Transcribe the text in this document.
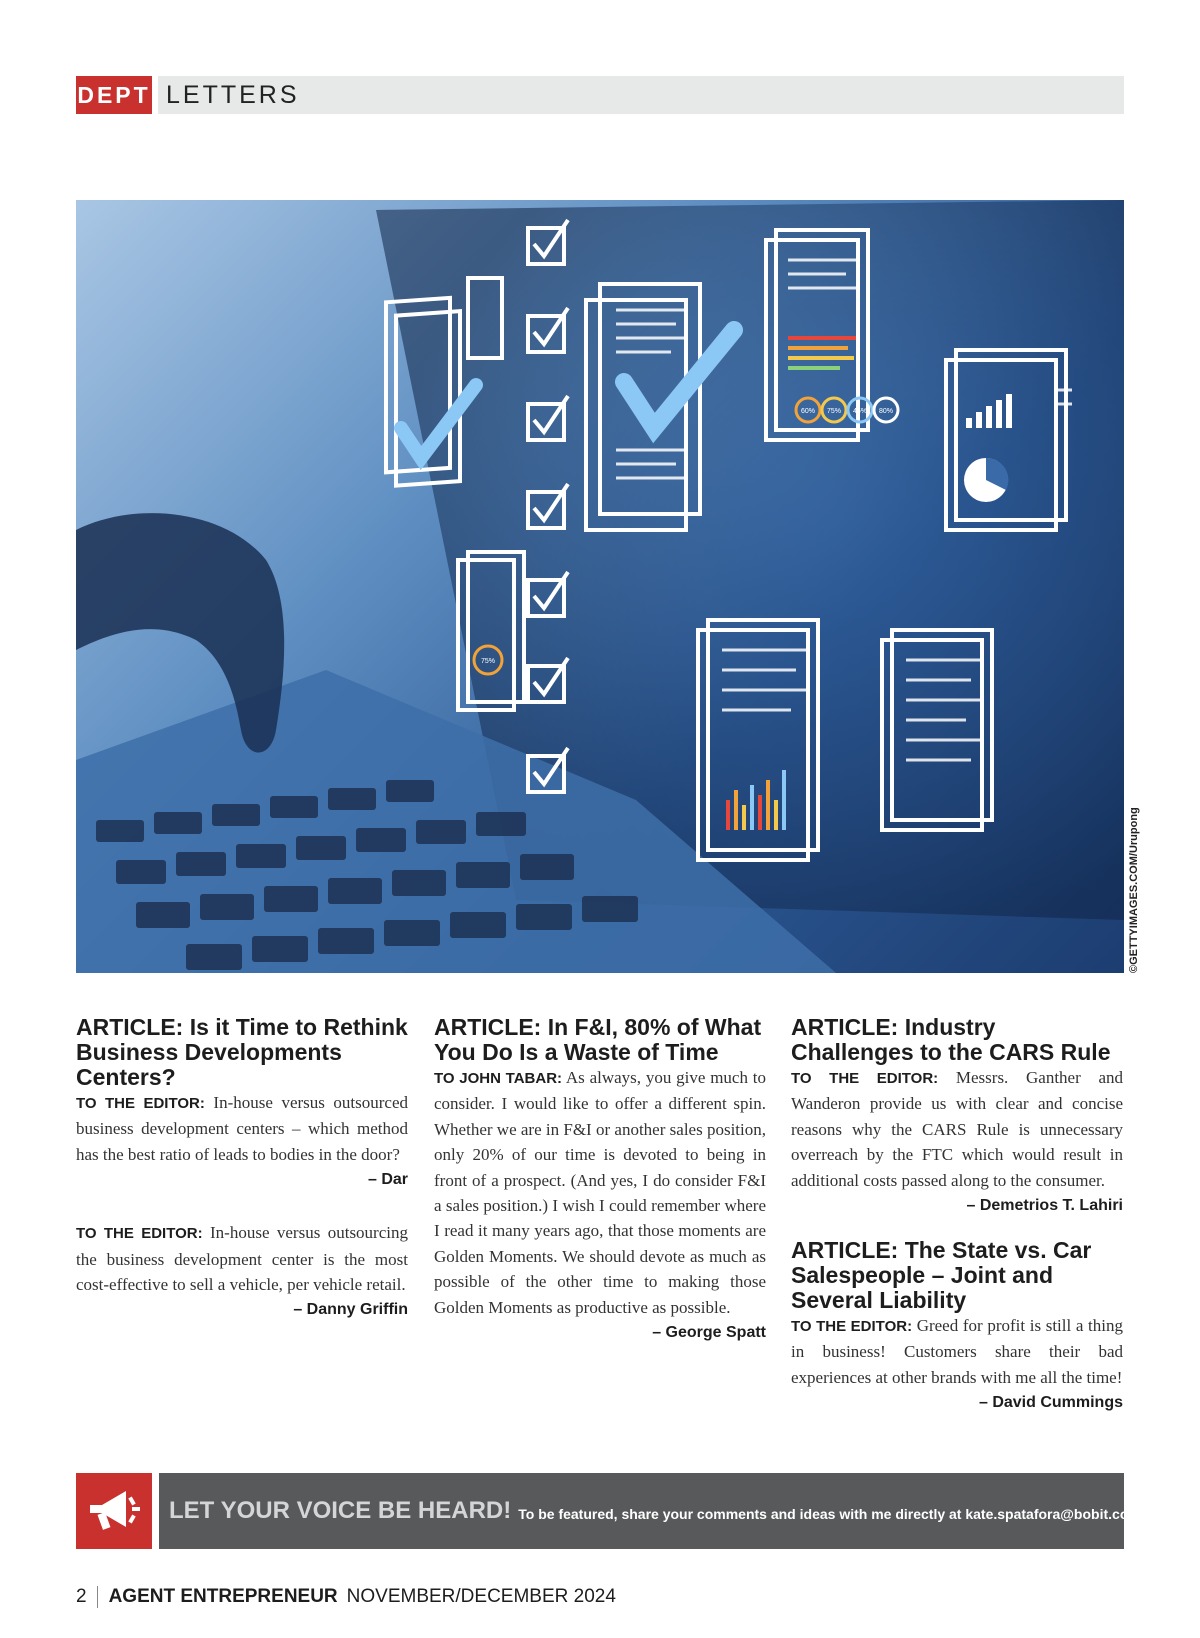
DEPT LETTERS
60% 75% 45% 80%
75%
©GETTYIMAGES.COM/Urupong
ARTICLE: Is it Time to Rethink Business Developments Centers?

TO THE EDITOR: In-house versus outsourced business development centers – which method has the best ratio of leads to bodies in the door?

– Dar

TO THE EDITOR: In-house versus outsourcing the business development center is the most cost-effective to sell a vehicle, per vehicle retail.

– Danny Griffin
ARTICLE: In F&I, 80% of What You Do Is a Waste of Time

TO JOHN TABAR: As always, you give much to consider. I would like to offer a different spin. Whether we are in F&I or another sales position, only 20% of our time is devoted to being in front of a prospect. (And yes, I do consider F&I a sales position.) I wish I could remember where I read it many years ago, that those moments are Golden Moments. We should devote as much as possible of the other time to making those Golden Moments as productive as possible.

– George Spatt
ARTICLE: Industry Challenges to the CARS Rule

TO THE EDITOR: Messrs. Ganther and Wanderon provide us with clear and concise reasons why the CARS Rule is unnecessary overreach by the FTC which would result in additional costs passed along to the consumer.

– Demetrios T. Lahiri
ARTICLE: The State vs. Car Salespeople – Joint and Several Liability

TO THE EDITOR: Greed for profit is still a thing in business! Customers share their bad experiences at other brands with me all the time!

– David Cummings
LET YOUR VOICE BE HEARD! To be featured, share your comments and ideas with me directly at kate.spatafora@bobit.com
2 AGENT ENTREPRENEUR NOVEMBER/DECEMBER 2024
